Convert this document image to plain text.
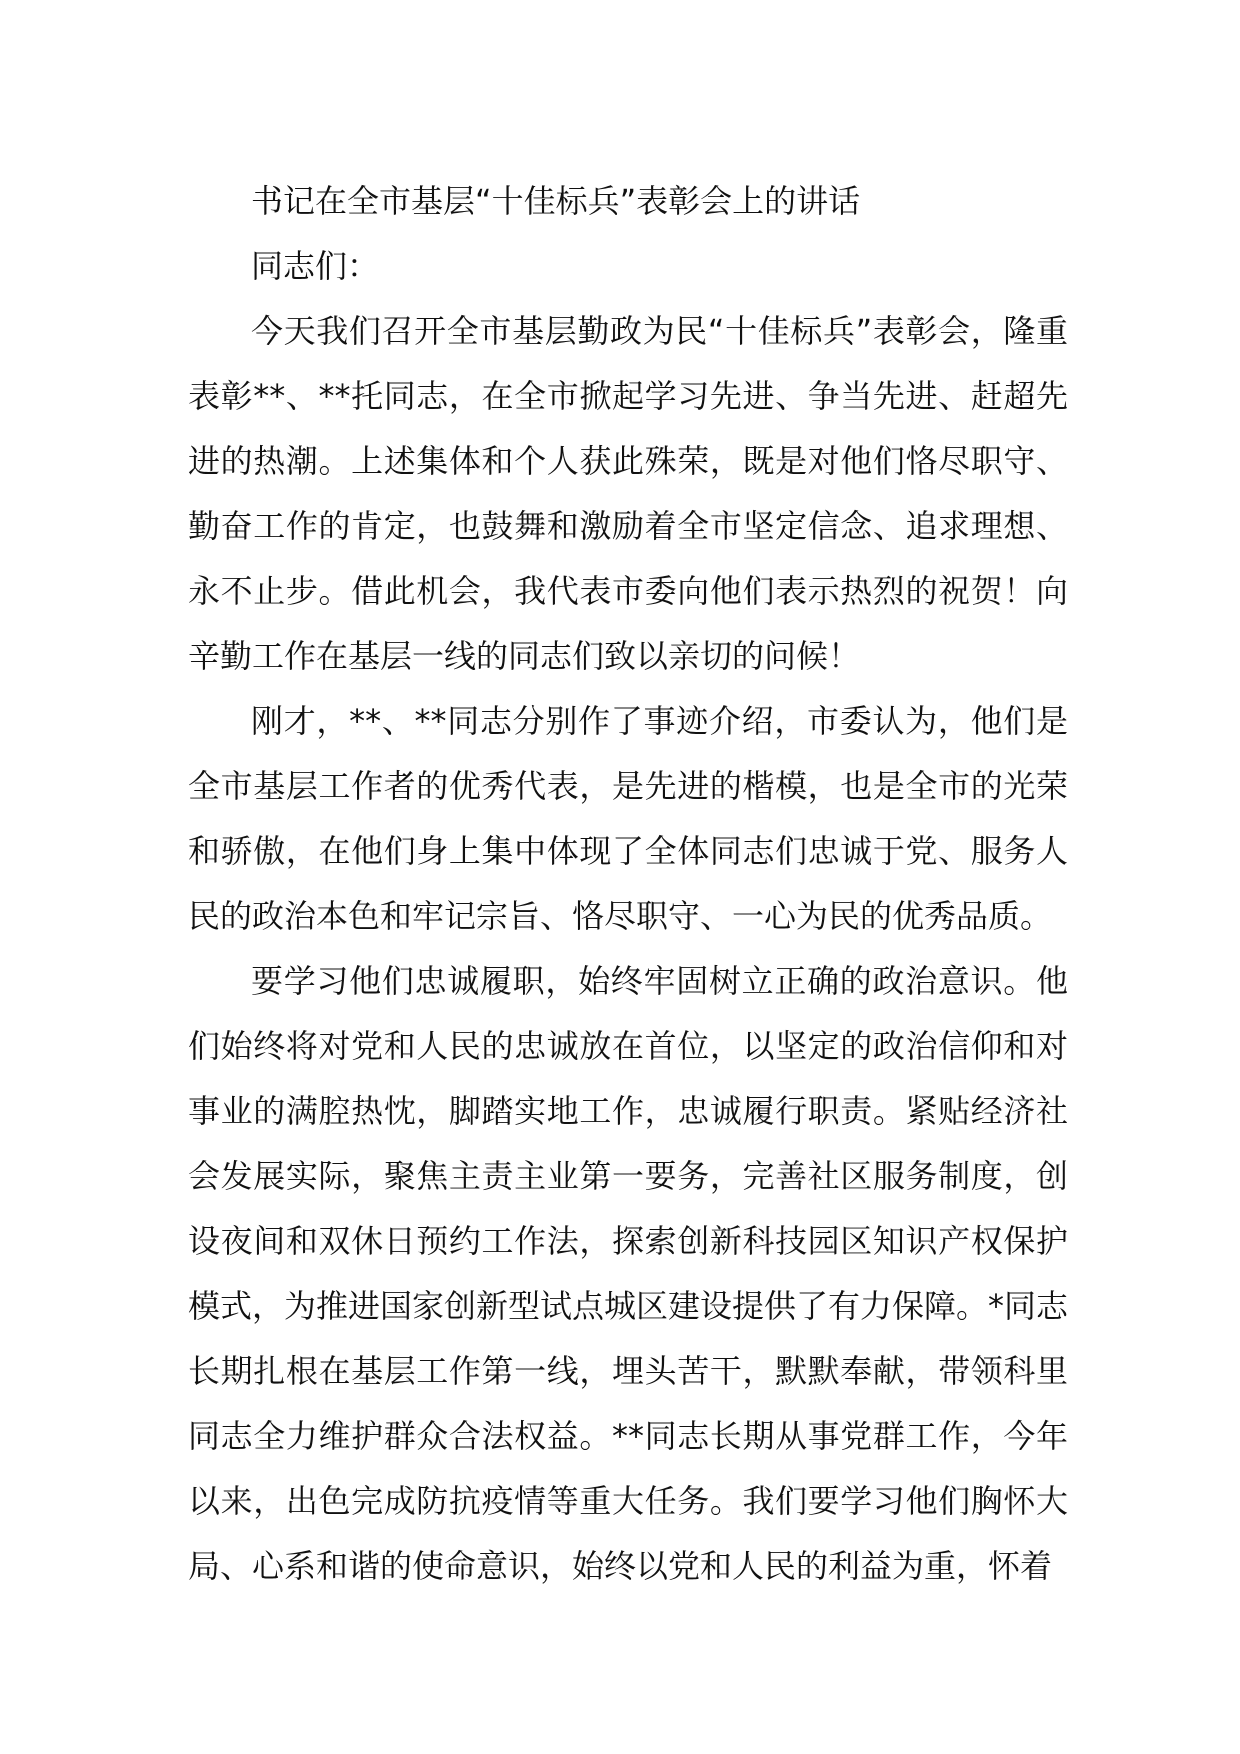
书记在全市基层“十佳标兵”表彰会上的讲话

同志们：

今天我们召开全市基层勤政为民“十佳标兵”表彰会，隆重表彰**、**托同志，在全市掀起学习先进、争当先进、赶超先进的热潮。上述集体和个人获此殊荣，既是对他们恪尽职守、勤奋工作的肯定，也鼓舞和激励着全市坚定信念、追求理想、永不止步。借此机会，我代表市委向他们表示热烈的祝贺！向辛勤工作在基层一线的同志们致以亲切的问候！

刚才，**、**同志分别作了事迹介绍，市委认为，他们是全市基层工作者的优秀代表，是先进的楷模，也是全市的光荣和骄傲，在他们身上集中体现了全体同志们忠诚于党、服务人民的政治本色和牢记宗旨、恪尽职守、一心为民的优秀品质。

要学习他们忠诚履职，始终牢固树立正确的政治意识。他们始终将对党和人民的忠诚放在首位，以坚定的政治信仰和对事业的满腔热忱，脚踏实地工作，忠诚履行职责。紧贴经济社会发展实际，聚焦主责主业第一要务，完善社区服务制度，创设夜间和双休日预约工作法，探索创新科技园区知识产权保护模式，为推进国家创新型试点城区建设提供了有力保障。*同志长期扎根在基层工作第一线，埋头苦干，默默奉献，带领科里同志全力维护群众合法权益。**同志长期从事党群工作，今年以来，出色完成防抗疫情等重大任务。我们要学习他们胸怀大局、心系和谐的使命意识，始终以党和人民的利益为重，怀着
